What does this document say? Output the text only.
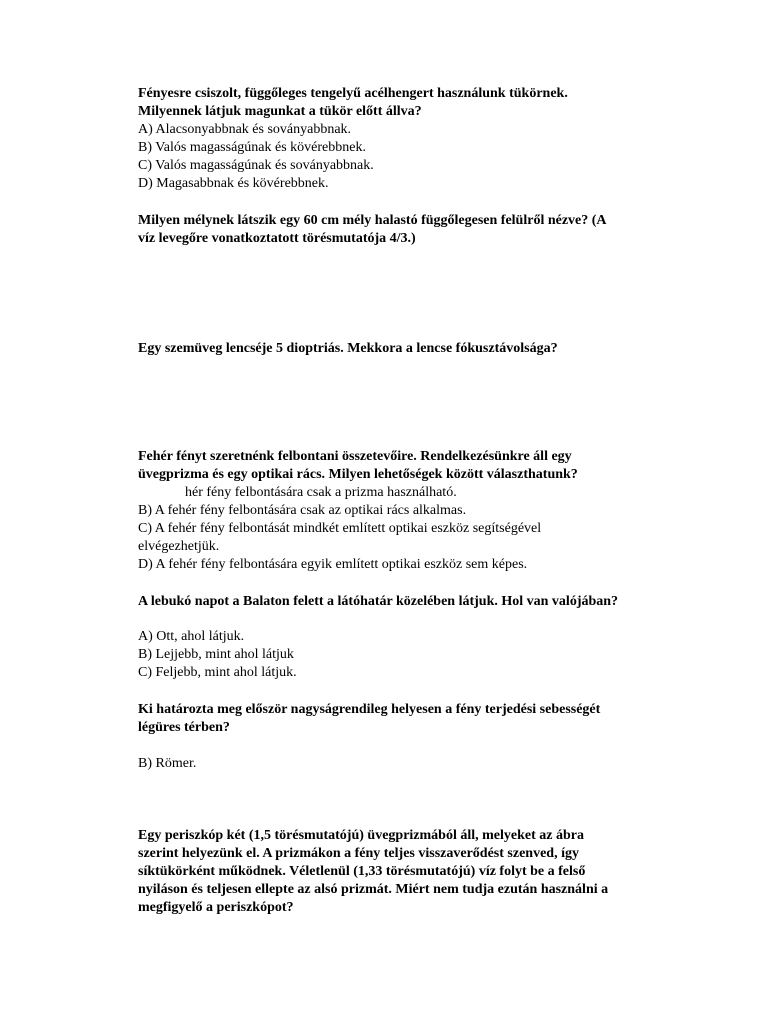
Fényesre csiszolt, függőleges tengelyű acélhengert használunk tükörnek.
Milyennek látjuk magunkat a tükör előtt állva?
A) Alacsonyabbnak és soványabbnak.
B) Valós magasságúnak és kövérebbnek.
C) Valós magasságúnak és soványabbnak.
D) Magasabbnak és kövérebbnek.
Milyen mélynek látszik egy 60 cm mély halastó függőlegesen felülről nézve? (A
víz levegőre vonatkoztatott törésmutatója 4/3.)
Egy szemüveg lencséje 5 dioptriás. Mekkora a lencse fókusztávolsága?
Fehér fényt szeretnénk felbontani összetevőire. Rendelkezésünkre áll egy
üvegprizma és egy optikai rács. Milyen lehetőségek között választhatunk?
hér fény felbontására csak a prizma használható.
B) A fehér fény felbontására csak az optikai rács alkalmas.
C) A fehér fény felbontását mindkét említett optikai eszköz segítségével
elvégezhetjük.
D) A fehér fény felbontására egyik említett optikai eszköz sem képes.
A lebukó napot a Balaton felett a látóhatár közelében látjuk. Hol van valójában?
A) Ott, ahol látjuk.
B) Lejjebb, mint ahol látjuk
C) Feljebb, mint ahol látjuk.
Ki határozta meg először nagyságrendileg helyesen a fény terjedési sebességét
légüres térben?
B) Römer.
Egy periszkóp két (1,5 törésmutatójú) üvegprizmából áll, melyeket az ábra
szerint helyezünk el. A prizmákon a fény teljes visszaverődést szenved, így
síktükörként működnek. Véletlenül (1,33 törésmutatójú) víz folyt be a felső
nyiláson és teljesen ellepte az alsó prizmát. Miért nem tudja ezután használni a
megfigyelő a periszkópot?
